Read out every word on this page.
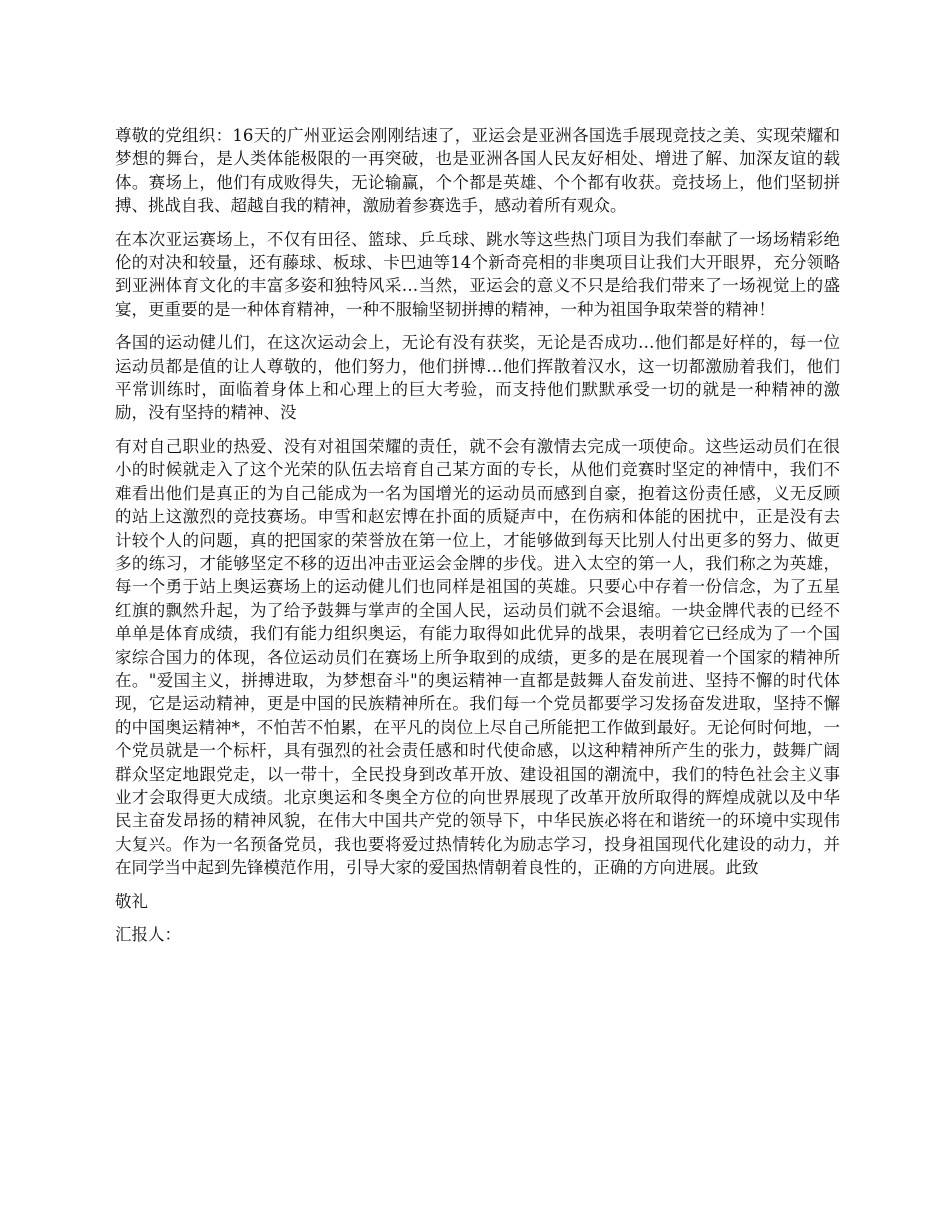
尊敬的党组织：16天的广州亚运会刚刚结速了，亚运会是亚洲各国选手展现竞技之美、实现荣耀和梦想的舞台，是人类体能极限的一再突破，也是亚洲各国人民友好相处、增进了解、加深友谊的载体。赛场上，他们有成败得失，无论输赢，个个都是英雄、个个都有收获。竞技场上，他们坚韧拼搏、挑战自我、超越自我的精神，激励着参赛选手，感动着所有观众。

在本次亚运赛场上，不仅有田径、篮球、乒乓球、跳水等这些热门项目为我们奉献了一场场精彩绝伦的对决和较量，还有藤球、板球、卡巴迪等14个新奇亮相的非奥项目让我们大开眼界，充分领略到亚洲体育文化的丰富多姿和独特风采…当然，亚运会的意义不只是给我们带来了一场视觉上的盛宴，更重要的是一种体育精神，一种不服输坚韧拼搏的精神，一种为祖国争取荣誉的精神！

各国的运动健儿们，在这次运动会上，无论有没有获奖，无论是否成功…他们都是好样的，每一位运动员都是值的让人尊敬的，他们努力，他们拼博…他们挥散着汉水，这一切都激励着我们，他们平常训练时，面临着身体上和心理上的巨大考验，而支持他们默默承受一切的就是一种精神的激励，没有坚持的精神、没

有对自己职业的热爱、没有对祖国荣耀的责任，就不会有激情去完成一项使命。这些运动员们在很小的时候就走入了这个光荣的队伍去培育自己某方面的专长，从他们竞赛时坚定的神情中，我们不难看出他们是真正的为自己能成为一名为国增光的运动员而感到自豪，抱着这份责任感，义无反顾的站上这激烈的竞技赛场。申雪和赵宏博在扑面的质疑声中，在伤病和体能的困扰中，正是没有去计较个人的问题，真的把国家的荣誉放在第一位上，才能够做到每天比别人付出更多的努力、做更多的练习，才能够坚定不移的迈出冲击亚运会金牌的步伐。进入太空的第一人，我们称之为英雄，每一个勇于站上奥运赛场上的运动健儿们也同样是祖国的英雄。只要心中存着一份信念，为了五星红旗的飘然升起，为了给予鼓舞与掌声的全国人民，运动员们就不会退缩。一块金牌代表的已经不单单是体育成绩，我们有能力组织奥运，有能力取得如此优异的战果，表明着它已经成为了一个国家综合国力的体现，各位运动员们在赛场上所争取到的成绩，更多的是在展现着一个国家的精神所在。"爱国主义，拼搏进取，为梦想奋斗"的奥运精神一直都是鼓舞人奋发前进、坚持不懈的时代体现，它是运动精神，更是中国的民族精神所在。我们每一个党员都要学习发扬奋发进取，坚持不懈的中国奥运精神*，不怕苦不怕累，在平凡的岗位上尽自己所能把工作做到最好。无论何时何地，一个党员就是一个标杆，具有强烈的社会责任感和时代使命感，以这种精神所产生的张力，鼓舞广阔群众坚定地跟党走，以一带十，全民投身到改革开放、建设祖国的潮流中，我们的特色社会主义事业才会取得更大成绩。北京奥运和冬奥全方位的向世界展现了改革开放所取得的辉煌成就以及中华民主奋发昂扬的精神风貌，在伟大中国共产党的领导下，中华民族必将在和谐统一的环境中实现伟大复兴。作为一名预备党员，我也要将爱过热情转化为励志学习，投身祖国现代化建设的动力，并在同学当中起到先锋模范作用，引导大家的爱国热情朝着良性的，正确的方向进展。此致

敬礼

汇报人：
